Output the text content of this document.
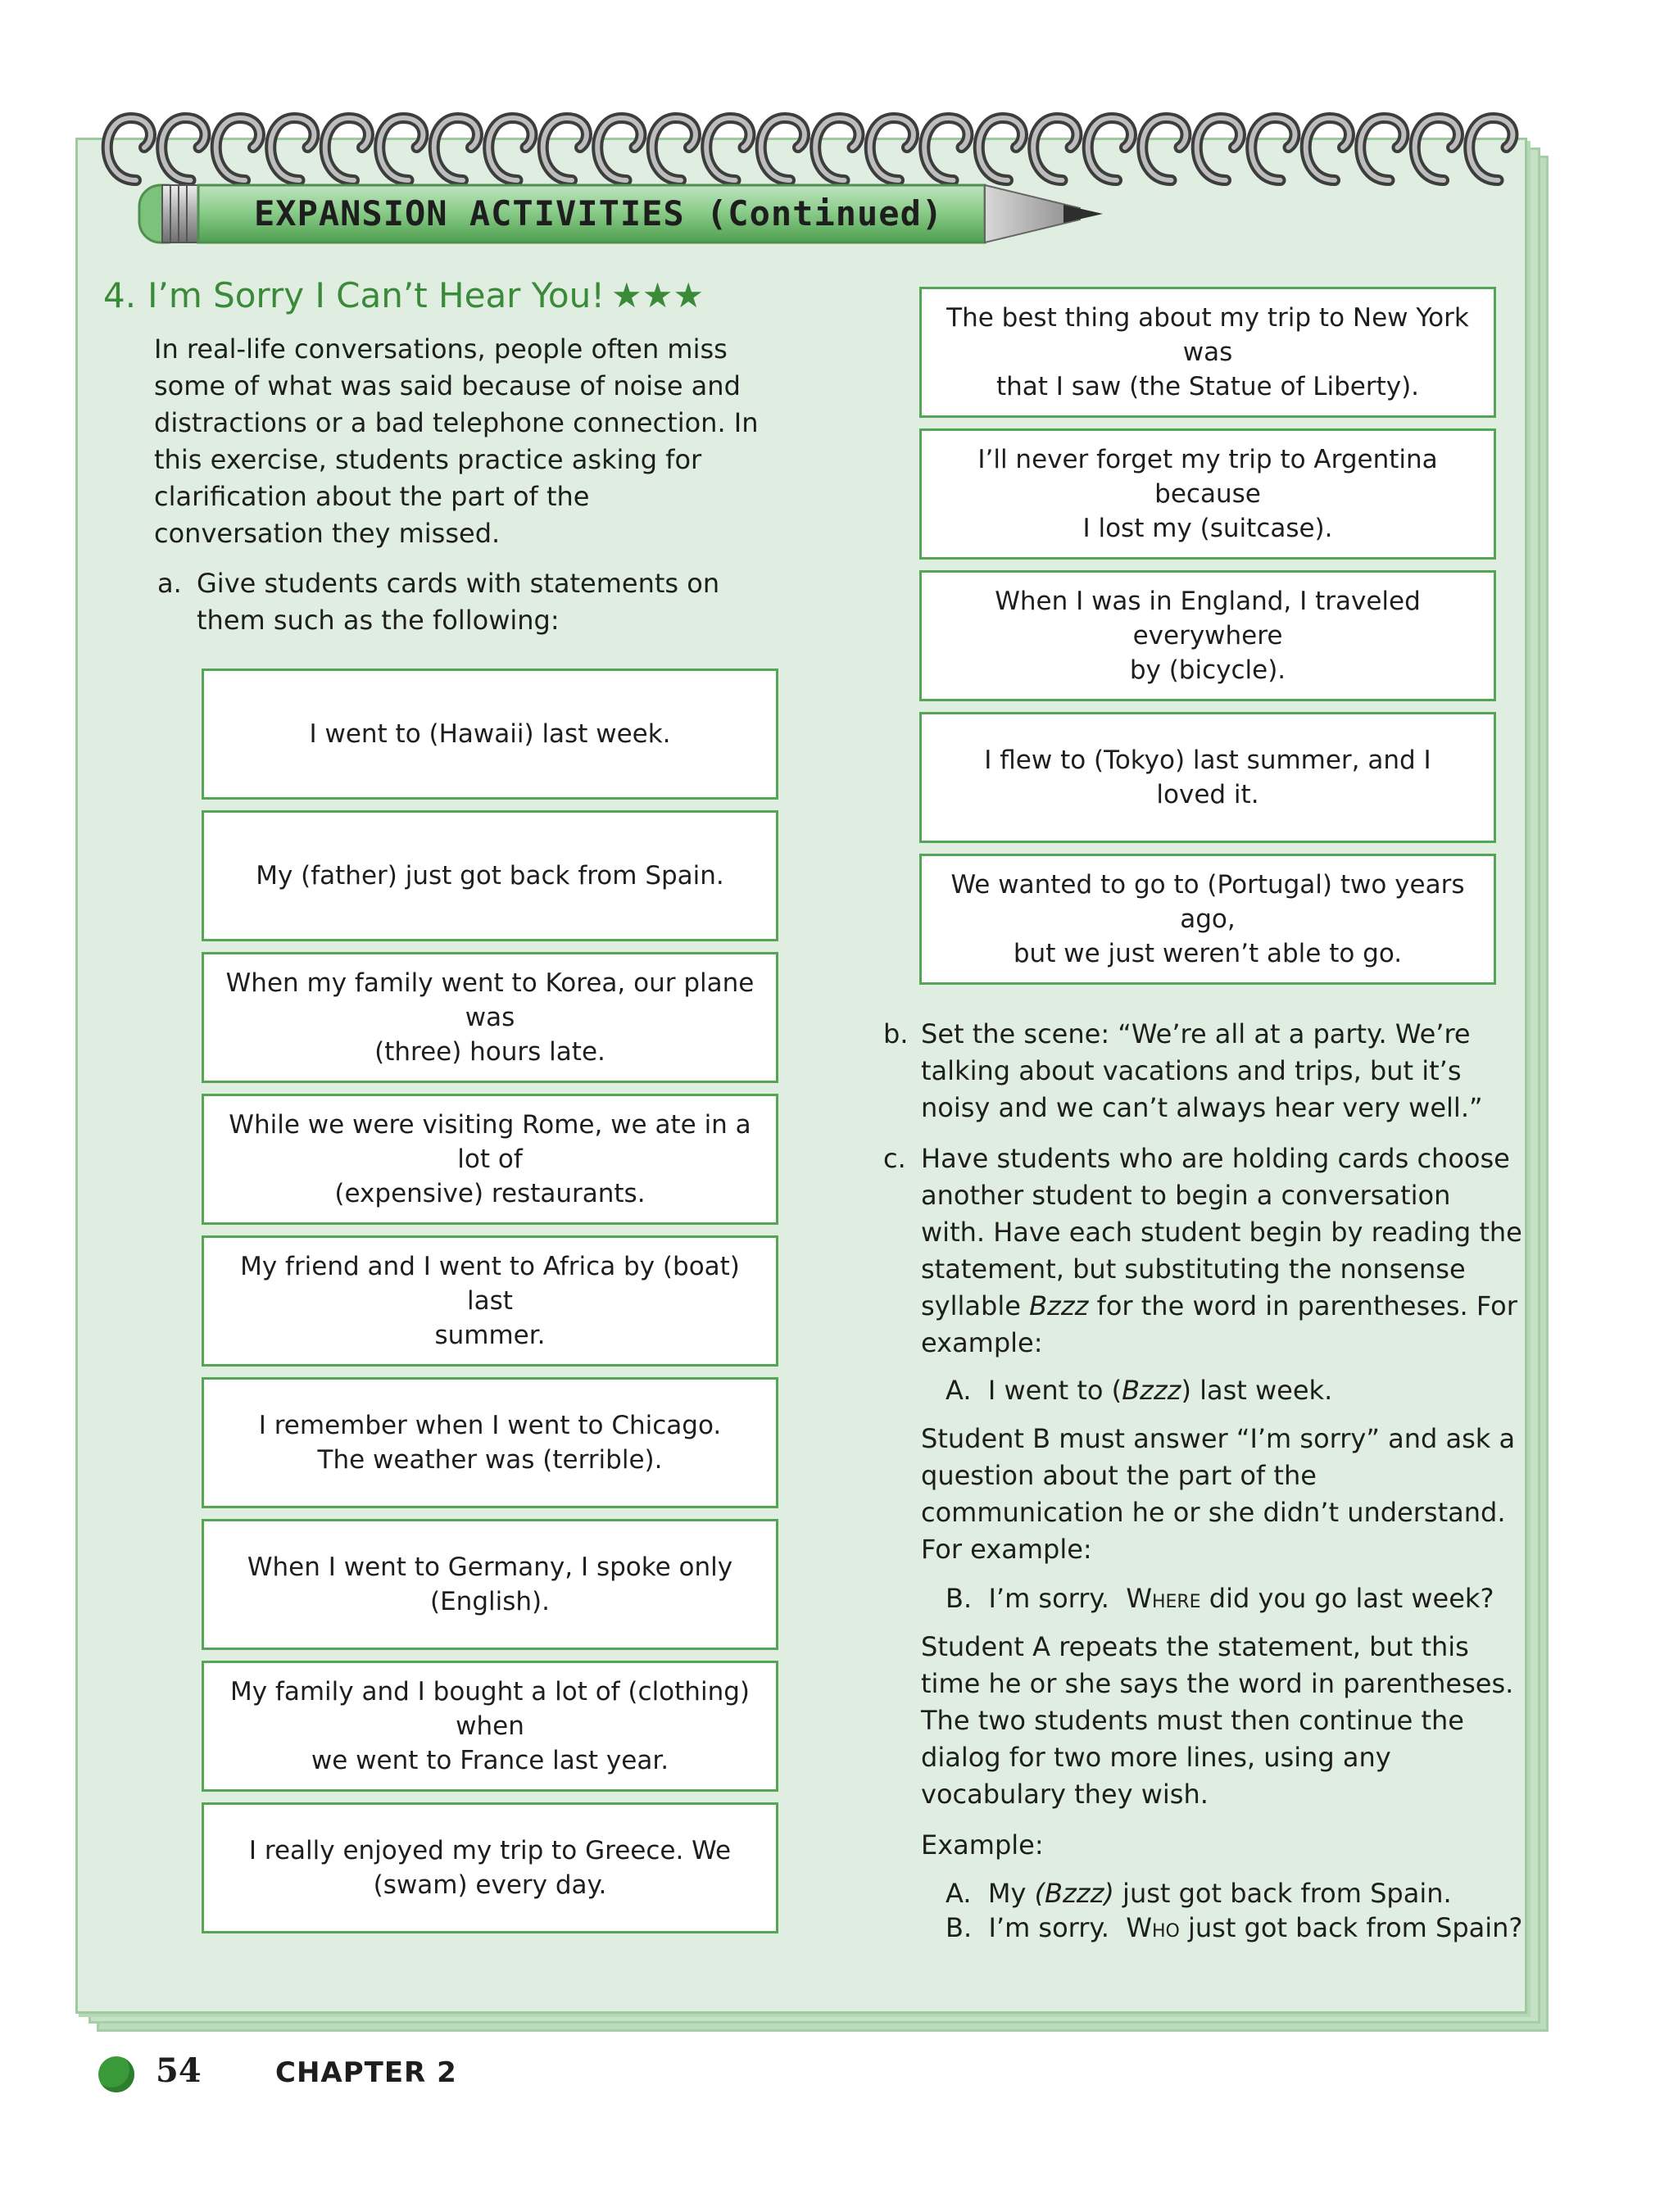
EXPANSION ACTIVITIES (Continued)
4. I’m Sorry I Can’t Hear You! ★★★

In real-life conversations, people often miss some of what was said because of noise and distractions or a bad telephone connection. In this exercise, students practice asking for clarification about the part of the conversation they missed.

a. Give students cards with statements on them such as the following:
I went to (Hawaii) last week.
My (father) just got back from Spain.
When my family went to Korea, our plane was
(three) hours late.
While we were visiting Rome, we ate in a lot of
(expensive) restaurants.
My friend and I went to Africa by (boat) last
summer.
I remember when I went to Chicago.
The weather was (terrible).
When I went to Germany, I spoke only
(English).
My family and I bought a lot of (clothing) when
we went to France last year.
I really enjoyed my trip to Greece. We
(swam) every day.
The best thing about my trip to New York was
that I saw (the Statue of Liberty).
I’ll never forget my trip to Argentina because
I lost my (suitcase).
When I was in England, I traveled everywhere
by (bicycle).
I flew to (Tokyo) last summer, and I
loved it.
We wanted to go to (Portugal) two years ago,
but we just weren’t able to go.
b. Set the scene: “We’re all at a party. We’re talking about vacations and trips, but it’s noisy and we can’t always hear very well.”
c. Have students who are holding cards choose another student to begin a conversation with. Have each student begin by reading the statement, but substituting the nonsense syllable Bzzz for the word in parentheses. For example:
A. I went to (Bzzz) last week.

Student B must answer “I’m sorry” and ask a question about the part of the communication he or she didn’t understand. For example:

B. I’m sorry. Where did you go last week?

Student A repeats the statement, but this time he or she says the word in parentheses. The two students must then continue the dialog for two more lines, using any vocabulary they wish.

Example:
A. My (Bzzz) just got back from Spain.
B. I’m sorry. Who just got back from Spain?
54	CHAPTER 2
